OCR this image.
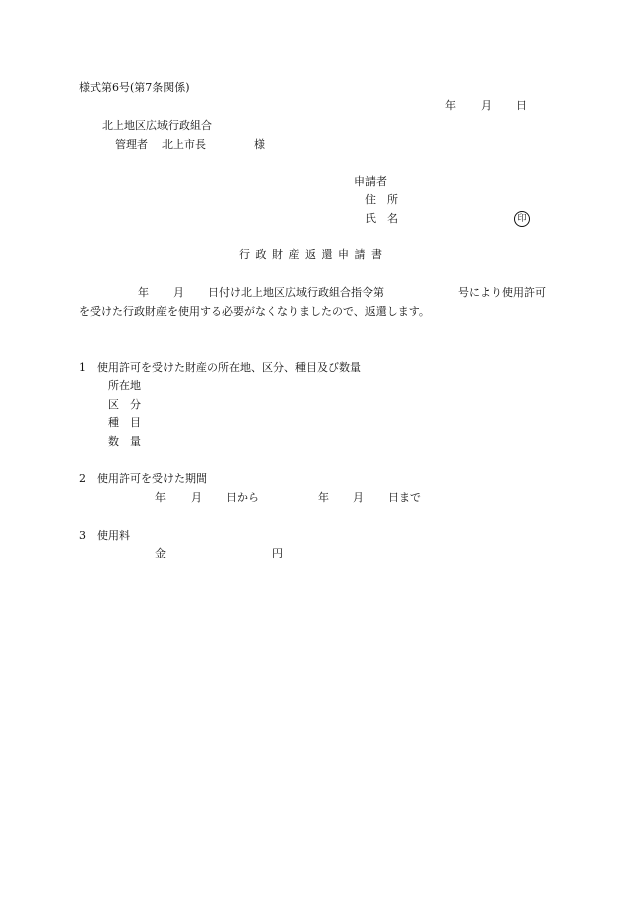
様式第6号(第7条関係)
年 月 日
北上地区広域行政組合
管理者 北上市長	様
申請者
住　所
氏　名	印
行 政 財 産 返 還 申 請 書
年 月 日付け北上地区広域行政組合指令第	号により使用許可
を受けた行政財産を使用する必要がなくなりましたので、返還します。
1　使用許可を受けた財産の所在地、区分、種目及び数量
所在地
区　分
種　目
数　量
2　使用許可を受けた期間
年 月 日から	年 月 日まで
3　使用料
金	円
